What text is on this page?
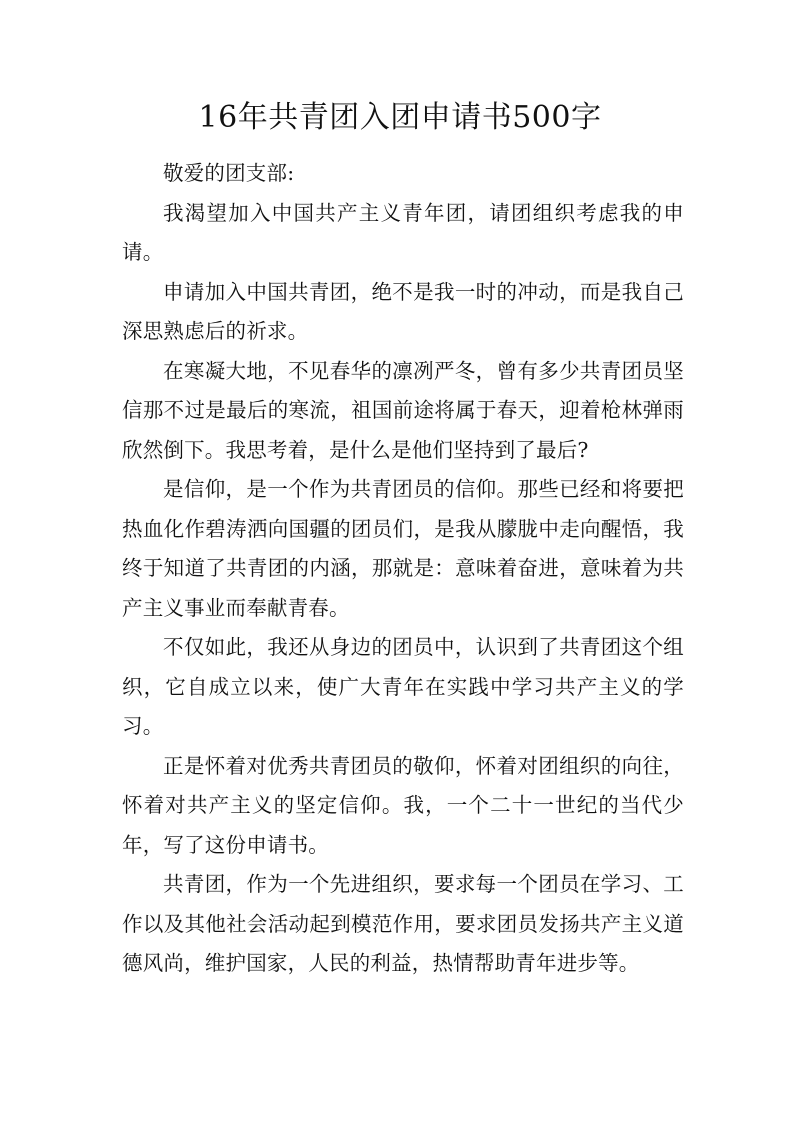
16年共青团入团申请书500字

敬爱的团支部:

我渴望加入中国共产主义青年团，请团组织考虑我的申请。

申请加入中国共青团，绝不是我一时的冲动，而是我自己深思熟虑后的祈求。

在寒凝大地，不见春华的凛冽严冬，曾有多少共青团员坚信那不过是最后的寒流，祖国前途将属于春天，迎着枪林弹雨欣然倒下。我思考着，是什么是他们坚持到了最后?

是信仰，是一个作为共青团员的信仰。那些已经和将要把热血化作碧涛洒向国疆的团员们，是我从朦胧中走向醒悟，我终于知道了共青团的内涵，那就是：意味着奋进，意味着为共产主义事业而奉献青春。

不仅如此，我还从身边的团员中，认识到了共青团这个组织，它自成立以来，使广大青年在实践中学习共产主义的学习。

正是怀着对优秀共青团员的敬仰，怀着对团组织的向往，怀着对共产主义的坚定信仰。我，一个二十一世纪的当代少年，写了这份申请书。

共青团，作为一个先进组织，要求每一个团员在学习、工作以及其他社会活动起到模范作用，要求团员发扬共产主义道德风尚，维护国家，人民的利益，热情帮助青年进步等。
